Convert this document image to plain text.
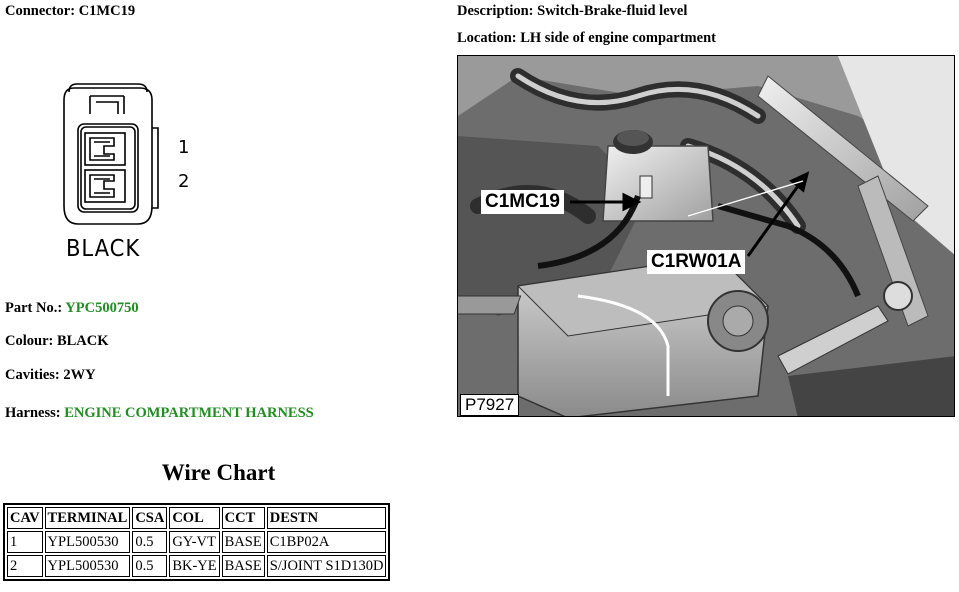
Connector: C1MC19	Description: Switch-Brake-fluid level
Location: LH side of engine compartment
1
2
BLACK
Part No.: YPC500750
Colour: BLACK
Cavities: 2WY
Harness: ENGINE COMPARTMENT HARNESS
Wire Chart
CAV	TERMINAL	CSA	COL	CCT	DESTN
1	YPL500530	0.5	GY-VT	BASE	C1BP02A
2	YPL500530	0.5	BK-YE	BASE	S/JOINT S1D130D
C1MC19
C1RW01A
P7927
